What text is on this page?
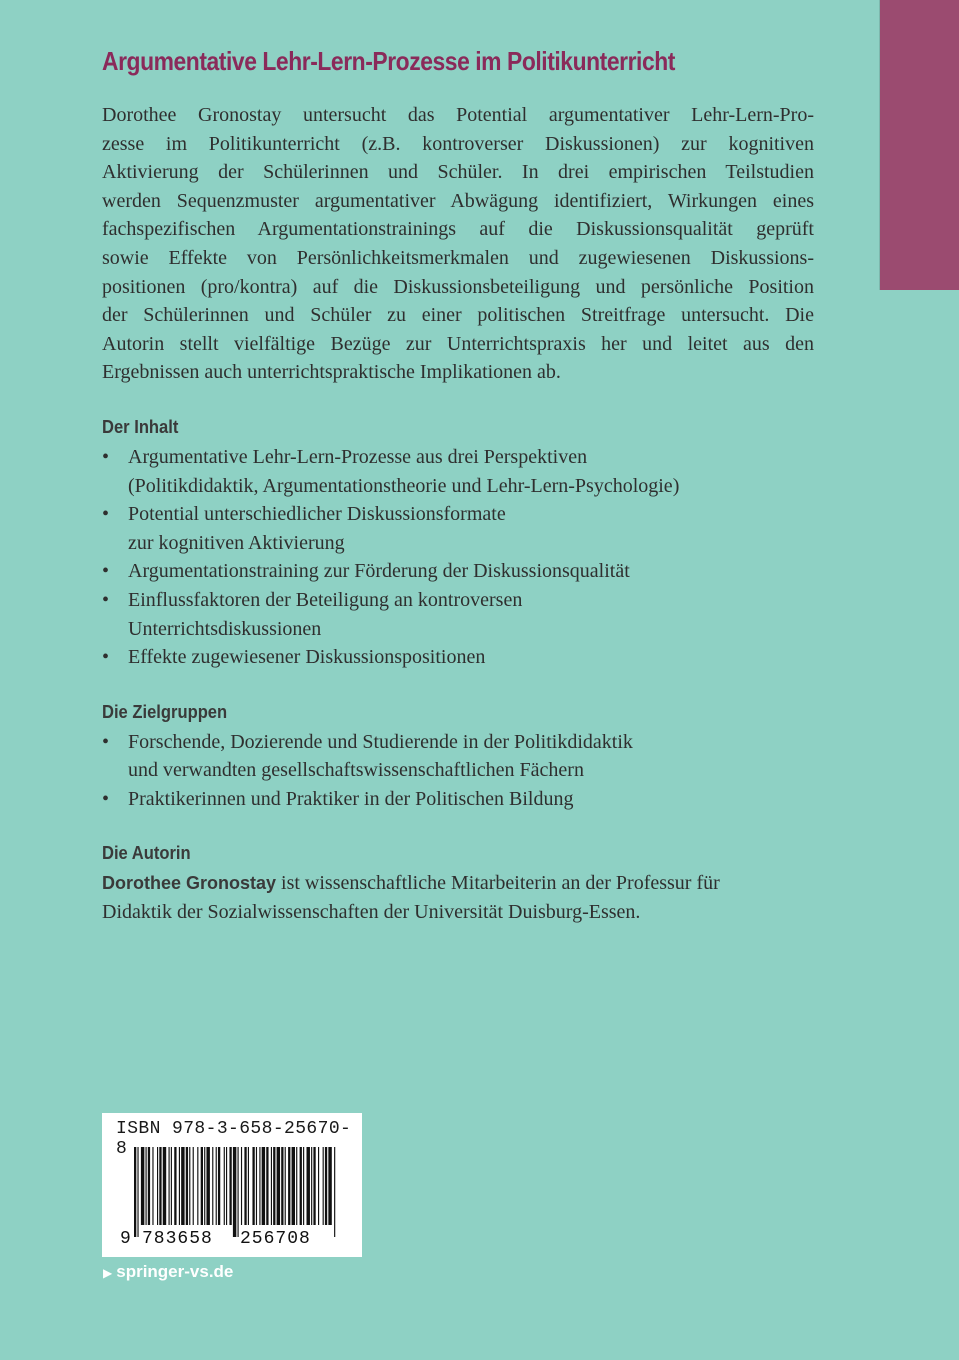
Argumentative Lehr-Lern-Prozesse im Politikunterricht
Dorothee Gronostay untersucht das Potential argumentativer Lehr-Lern-Pro-
zesse im Politikunterricht (z.B. kontroverser Diskussionen) zur kognitiven
Aktivierung der Schülerinnen und Schüler. In drei empirischen Teilstudien
werden Sequenzmuster argumentativer Abwägung identifiziert, Wirkungen eines
fachspezifischen Argumentationstrainings auf die Diskussionsqualität geprüft
sowie Effekte von Persönlichkeitsmerkmalen und zugewiesenen Diskussions-
positionen (pro/kontra) auf die Diskussionsbeteiligung und persönliche Position
der Schülerinnen und Schüler zu einer politischen Streitfrage untersucht. Die
Autorin stellt vielfältige Bezüge zur Unterrichtspraxis her und leitet aus den
Ergebnissen auch unterrichtspraktische Implikationen ab.
Der Inhalt
• Argumentative Lehr-Lern-Prozesse aus drei Perspektiven
(Politikdidaktik, Argumentationstheorie und Lehr-Lern-Psychologie)
• Potential unterschiedlicher Diskussionsformate
zur kognitiven Aktivierung
• Argumentationstraining zur Förderung der Diskussionsqualität
• Einflussfaktoren der Beteiligung an kontroversen
Unterrichtsdiskussionen
• Effekte zugewiesener Diskussionspositionen
Die Zielgruppen
• Forschende, Dozierende und Studierende in der Politikdidaktik
und verwandten gesellschaftswissenschaftlichen Fächern
• Praktikerinnen und Praktiker in der Politischen Bildung
Die Autorin
Dorothee Gronostay ist wissenschaftliche Mitarbeiterin an der Professur für
Didaktik der Sozialwissenschaften der Universität Duisburg-Essen.
ISBN 978-3-658-25670-8
9 783658 256708
▶ springer-vs.de
